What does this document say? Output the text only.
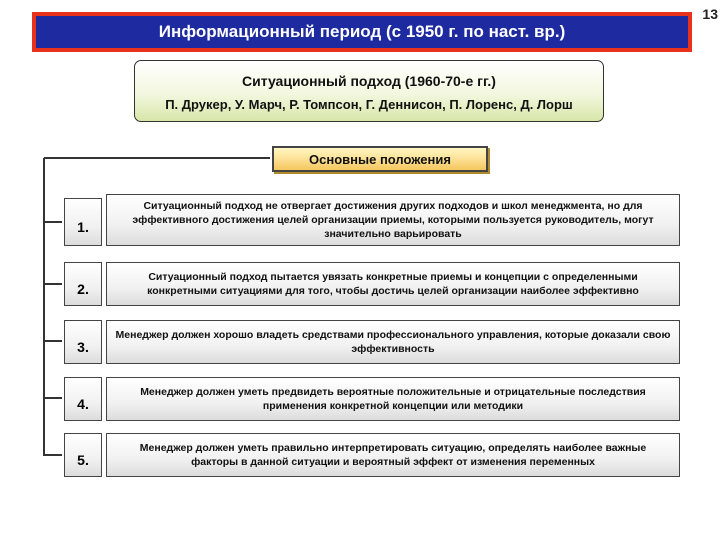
Информационный период (с 1950 г. по наст. вр.)
13
Ситуационный подход (1960-70-е гг.)
П. Друкер, У. Марч, Р. Томпсон, Г. Деннисон, П. Лоренс, Д. Лорш
Основные положения
1.
Ситуационный подход не отвергает достижения других подходов и школ менеджмента, но для эффективного достижения целей организации приемы, которыми пользуется руководитель, могут значительно варьировать
2.
Ситуационный подход пытается увязать конкретные приемы и концепции с определенными конкретными ситуациями для того, чтобы достичь целей организации наиболее эффективно
3.
Менеджер должен хорошо владеть средствами профессионального управления, которые доказали свою эффективность
4.
Менеджер должен уметь предвидеть вероятные положительные и отрицательные последствия применения конкретной концепции или методики
5.
Менеджер должен уметь правильно интерпретировать ситуацию, определять наиболее важные факторы в данной ситуации и вероятный эффект от изменения переменных
